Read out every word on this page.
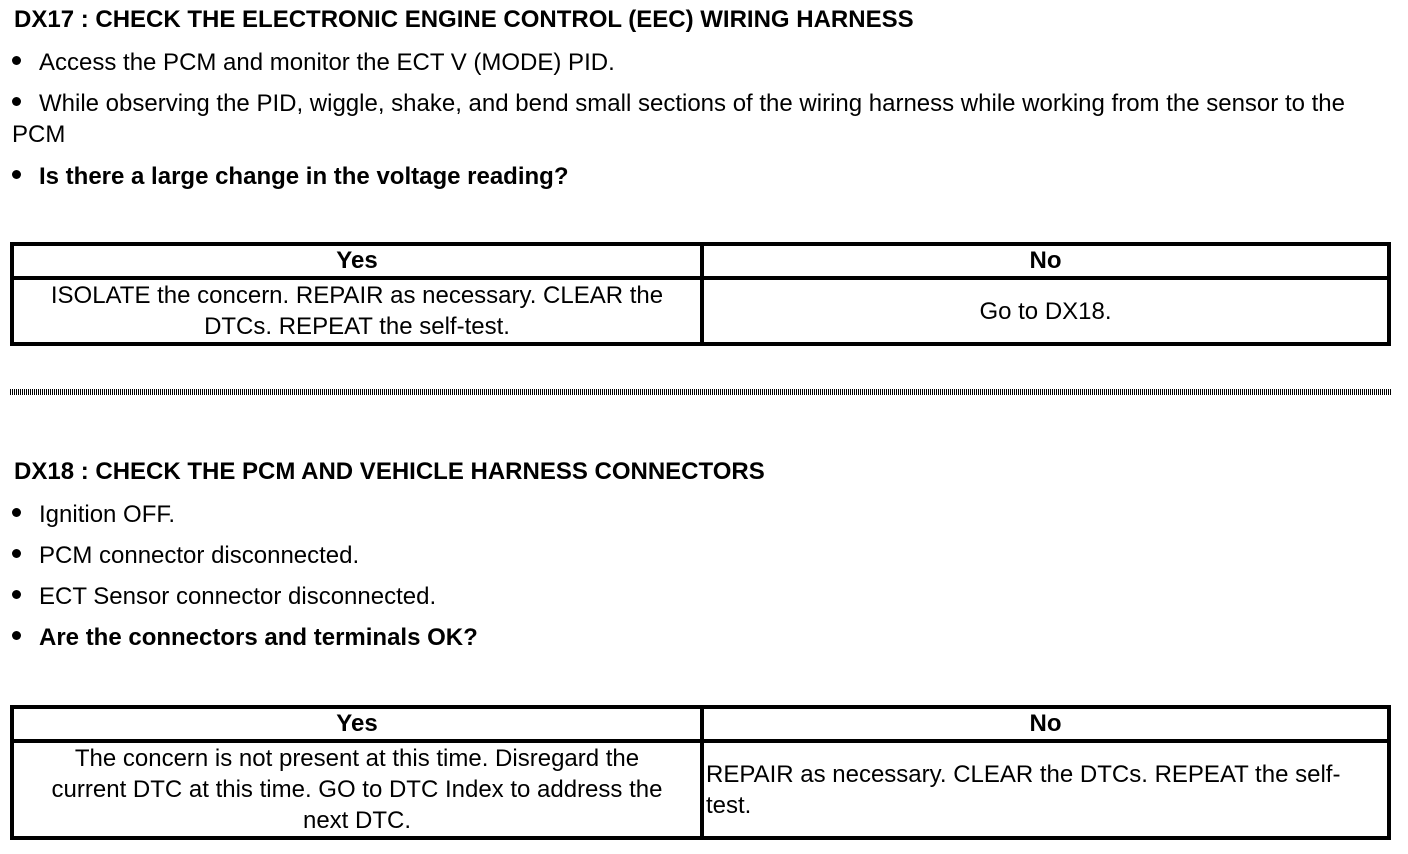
DX17 : CHECK THE ELECTRONIC ENGINE CONTROL (EEC) WIRING HARNESS
Access the PCM and monitor the ECT V (MODE) PID.
While observing the PID, wiggle, shake, and bend small sections of the wiring harness while working from the sensor to the PCM
Is there a large change in the voltage reading?
Yes	No
ISOLATE the concern. REPAIR as necessary. CLEAR the DTCs. REPEAT the self-test.	Go to DX18.
DX18 : CHECK THE PCM AND VEHICLE HARNESS CONNECTORS
Ignition OFF.
PCM connector disconnected.
ECT Sensor connector disconnected.
Are the connectors and terminals OK?
Yes	No
The concern is not present at this time. Disregard the current DTC at this time. GO to DTC Index to address the next DTC.	REPAIR as necessary. CLEAR the DTCs. REPEAT the self-test.
